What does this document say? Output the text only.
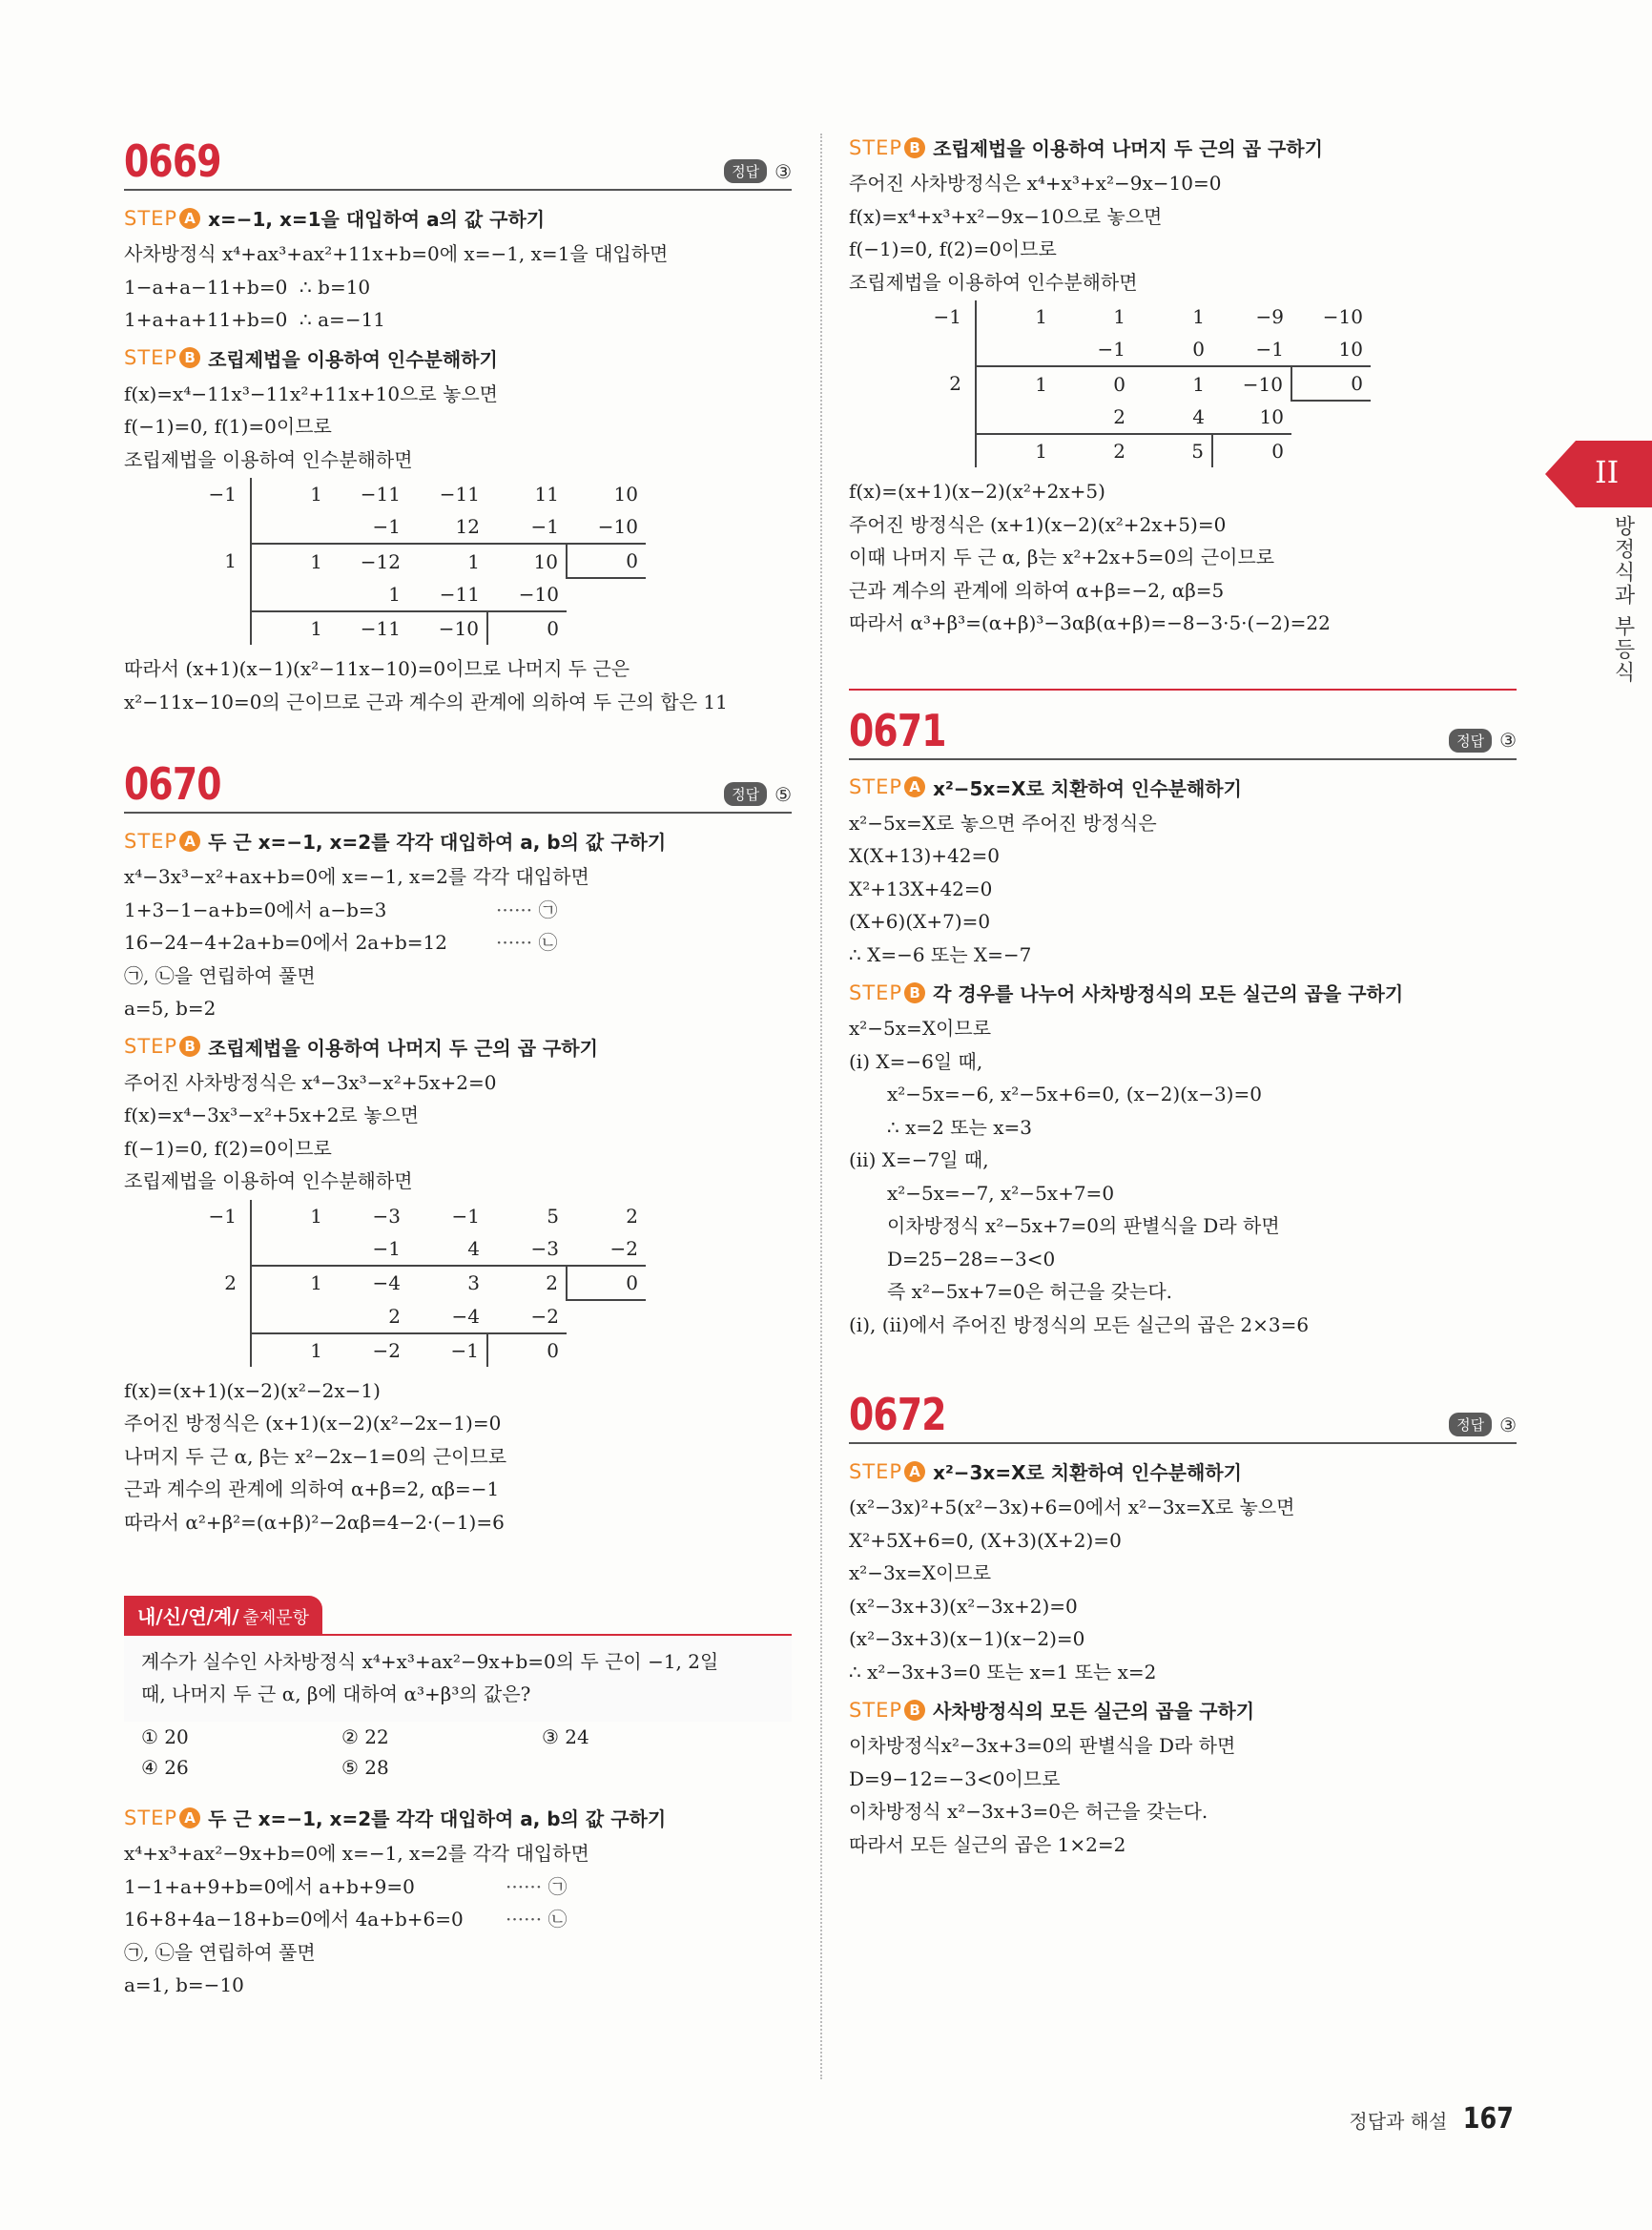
0669	정답 ③
STEP A x=−1, x=1을 대입하여 a의 값 구하기
사차방정식 x⁴+ax³+ax²+11x+b=0에 x=−1, x=1을 대입하면
1−a+a−11+b=0  ∴ b=10
1+a+a+11+b=0  ∴ a=−11
STEP B 조립제법을 이용하여 인수분해하기
f(x)=x⁴−11x³−11x²+11x+10으로 놓으면
f(−1)=0, f(1)=0이므로
조립제법을 이용하여 인수분해하면
−1	1	−11	−11	11	10
		−1	12	−1	−10
1	1	−12	1	10	0
		1	−11	−10	
	1	−11	−10	0	
따라서 (x+1)(x−1)(x²−11x−10)=0이므로 나머지 두 근은
x²−11x−10=0의 근이므로 근과 계수의 관계에 의하여 두 근의 합은 11
0670	정답 ⑤
STEP A 두 근 x=−1, x=2를 각각 대입하여 a, b의 값 구하기
x⁴−3x³−x²+ax+b=0에 x=−1, x=2를 각각 대입하면
1+3−1−a+b=0에서 a−b=3	······ ㉠
16−24−4+2a+b=0에서 2a+b=12	······ ㉡
㉠, ㉡을 연립하여 풀면
a=5, b=2
STEP B 조립제법을 이용하여 나머지 두 근의 곱 구하기
주어진 사차방정식은 x⁴−3x³−x²+5x+2=0
f(x)=x⁴−3x³−x²+5x+2로 놓으면
f(−1)=0, f(2)=0이므로
조립제법을 이용하여 인수분해하면
−1	1	−3	−1	5	2
		−1	4	−3	−2
2	1	−4	3	2	0
		2	−4	−2	
	1	−2	−1	0	
f(x)=(x+1)(x−2)(x²−2x−1)
주어진 방정식은 (x+1)(x−2)(x²−2x−1)=0
나머지 두 근 α, β는 x²−2x−1=0의 근이므로
근과 계수의 관계에 의하여 α+β=2, αβ=−1
따라서 α²+β²=(α+β)²−2αβ=4−2·(−1)=6
내/신/연/계/ 출제문항
계수가 실수인 사차방정식 x⁴+x³+ax²−9x+b=0의 두 근이 −1, 2일
때, 나머지 두 근 α, β에 대하여 α³+β³의 값은?
① 20	② 22	③ 24
④ 26	⑤ 28
STEP A 두 근 x=−1, x=2를 각각 대입하여 a, b의 값 구하기
x⁴+x³+ax²−9x+b=0에 x=−1, x=2를 각각 대입하면
1−1+a+9+b=0에서 a+b+9=0	······ ㉠
16+8+4a−18+b=0에서 4a+b+6=0 ······ ㉡
㉠, ㉡을 연립하여 풀면
a=1, b=−10
STEP B 조립제법을 이용하여 나머지 두 근의 곱 구하기
주어진 사차방정식은 x⁴+x³+x²−9x−10=0
f(x)=x⁴+x³+x²−9x−10으로 놓으면
f(−1)=0, f(2)=0이므로
조립제법을 이용하여 인수분해하면
−1	1	1	1	−9	−10
		−1	0	−1	10
2	1	0	1	−10	0
		2	4	10	
	1	2	5	0	
f(x)=(x+1)(x−2)(x²+2x+5)
주어진 방정식은 (x+1)(x−2)(x²+2x+5)=0
이때 나머지 두 근 α, β는 x²+2x+5=0의 근이므로
근과 계수의 관계에 의하여 α+β=−2, αβ=5
따라서 α³+β³=(α+β)³−3αβ(α+β)=−8−3·5·(−2)=22
0671	정답 ③
STEP A x²−5x=X로 치환하여 인수분해하기
x²−5x=X로 놓으면 주어진 방정식은
X(X+13)+42=0
X²+13X+42=0
(X+6)(X+7)=0
∴ X=−6 또는 X=−7
STEP B 각 경우를 나누어 사차방정식의 모든 실근의 곱을 구하기
x²−5x=X이므로
(ⅰ) X=−6일 때,
x²−5x=−6, x²−5x+6=0, (x−2)(x−3)=0
∴ x=2 또는 x=3
(ⅱ) X=−7일 때,
x²−5x=−7, x²−5x+7=0
이차방정식 x²−5x+7=0의 판별식을 D라 하면
D=25−28=−3<0
즉 x²−5x+7=0은 허근을 갖는다.
(ⅰ), (ⅱ)에서 주어진 방정식의 모든 실근의 곱은 2×3=6
0672	정답 ③
STEP A x²−3x=X로 치환하여 인수분해하기
(x²−3x)²+5(x²−3x)+6=0에서 x²−3x=X로 놓으면
X²+5X+6=0, (X+3)(X+2)=0
x²−3x=X이므로
(x²−3x+3)(x²−3x+2)=0
(x²−3x+3)(x−1)(x−2)=0
∴ x²−3x+3=0 또는 x=1 또는 x=2
STEP B 사차방정식의 모든 실근의 곱을 구하기
이차방정식x²−3x+3=0의 판별식을 D라 하면
D=9−12=−3<0이므로
이차방정식 x²−3x+3=0은 허근을 갖는다.
따라서 모든 실근의 곱은 1×2=2
II
방정식과 부등식
정답과 해설 167
